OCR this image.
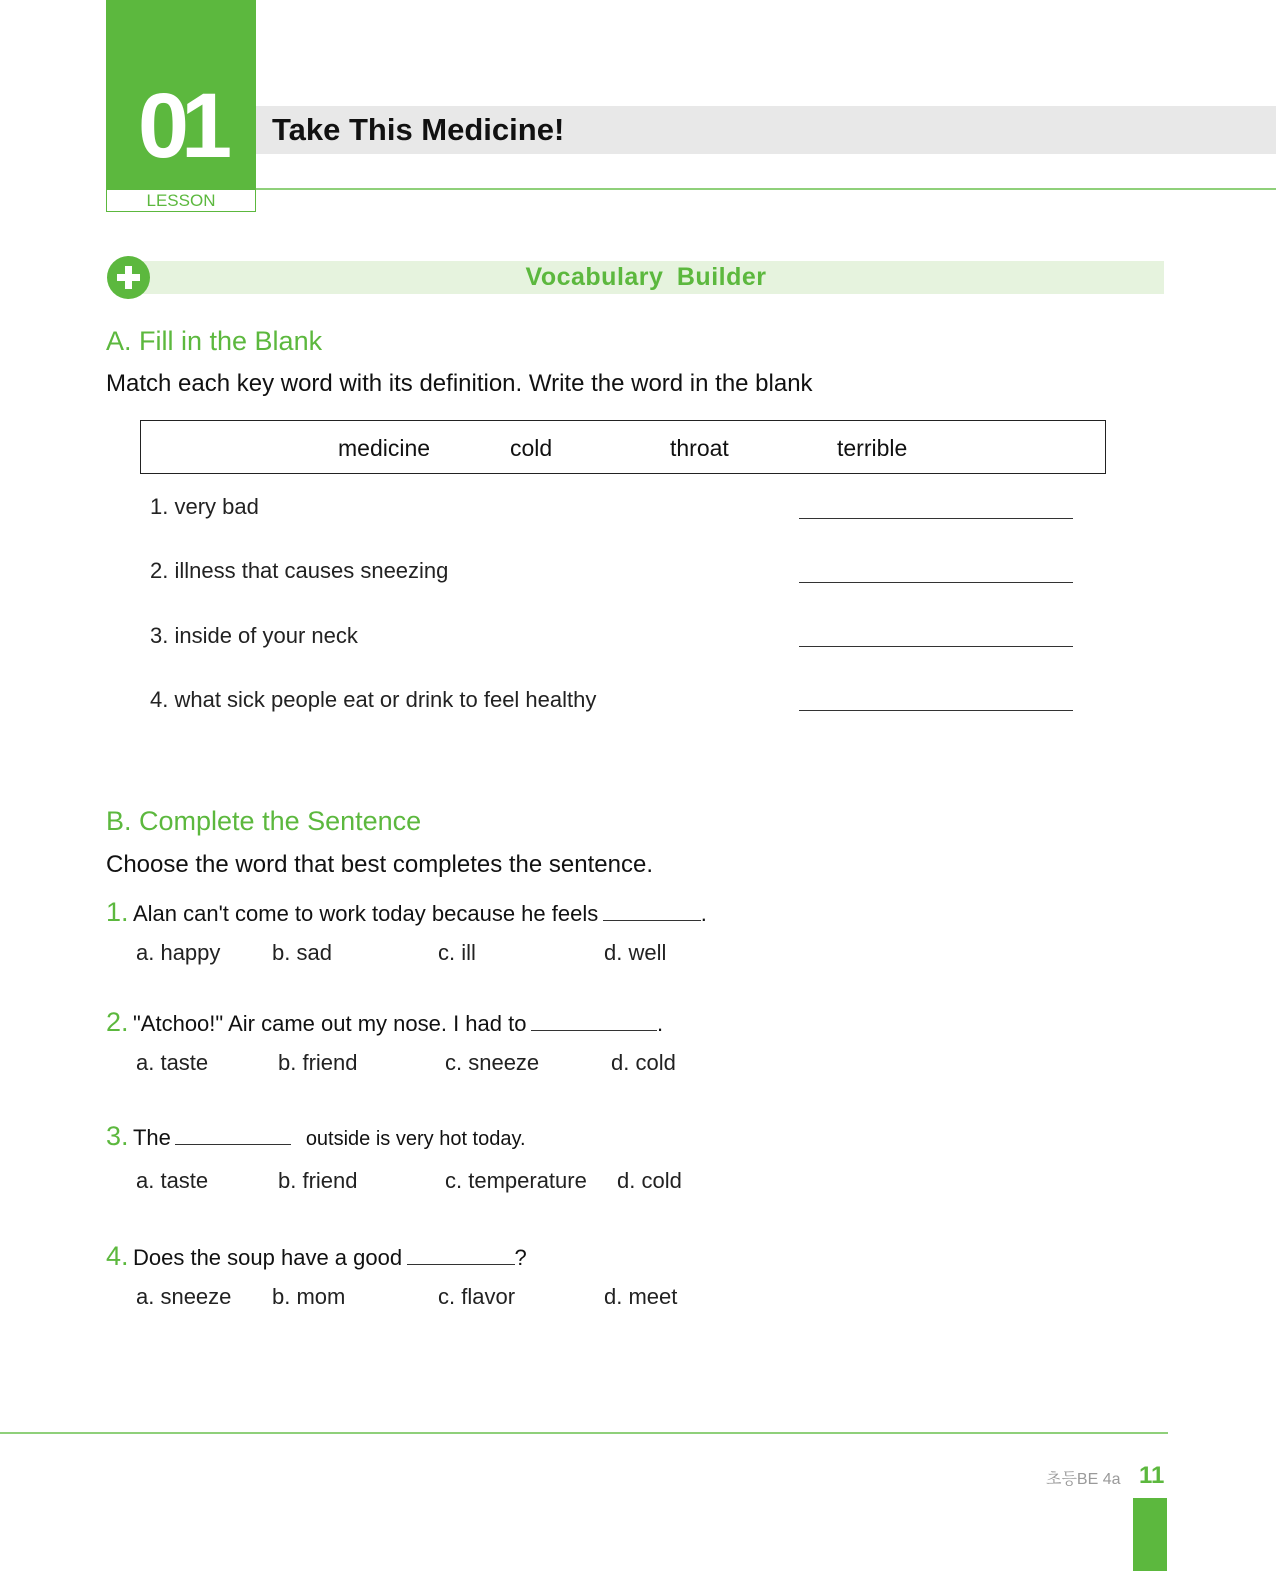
01
LESSON
Take This Medicine!
Vocabulary Builder
A. Fill in the Blank
Match each key word with its definition. Write the word in the blank
medicine	cold	throat	terrible
1. very bad
2. illness that causes sneezing
3. inside of your neck
4. what sick people eat or drink to feel healthy
B. Complete the Sentence
Choose the word that best completes the sentence.
1. Alan can't come to work today because he feels	.
a. happy b. sad	c. ill	d. well
2. "Atchoo!" Air came out my nose. I had to	.
a. taste	b. friend	c. sneeze	d. cold
3. The	outside is very hot today.
a. taste	b. friend	c. temperature d. cold
4. Does the soup have a good	?
a. sneeze b. mom	c. flavor	d. meet
초등BE 4a 11
